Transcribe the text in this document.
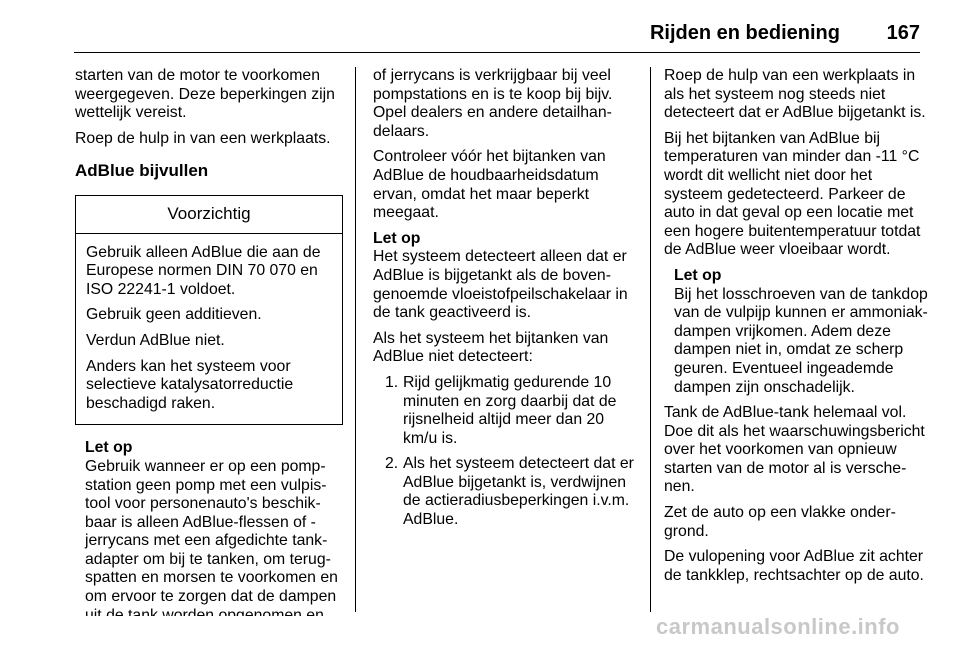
Rijden en bediening 167

starten van de motor te voorkomen weergegeven. Deze beperkingen zijn wettelijk vereist.

Roep de hulp in van een werkplaats.

AdBlue bijvullen

Voorzichtig

Gebruik alleen AdBlue die aan de Europese normen DIN 70 070 en ISO 22241-1 voldoet.

Gebruik geen additieven.

Verdun AdBlue niet.

Anders kan het systeem voor selectieve katalysatorreductie beschadigd raken.

Let op
Gebruik wanneer er op een pompstation geen pomp met een vulpistool voor personenauto's beschikbaar is alleen AdBlue-flessen of -jerrycans met een afgedichte tankadapter om bij te tanken, om terugspatten en morsen te voorkomen en om ervoor te zorgen dat de dampen

of jerrycans is verkrijgbaar bij veel pompstations en is te koop bij bijv. Opel dealers en andere detailhandelaars.

Controleer vóór het bijtanken van AdBlue de houdbaarheidsdatum ervan, omdat het maar beperkt meegaat.

Let op
Het systeem detecteert alleen dat er AdBlue is bijgetankt als de bovengenoemde vloeistofpeilschakelaar in de tank geactiveerd is.

Als het systeem het bijtanken van AdBlue niet detecteert:

1. Rijd gelijkmatig gedurende 10 minuten en zorg daarbij dat de rijsnelheid altijd meer dan 20 km/u is.
2. Als het systeem detecteert dat er AdBlue bijgetankt is, verdwijnen de actieradiusbeperkingen i.v.m. AdBlue.

Roep de hulp van een werkplaats in als het systeem nog steeds niet detecteert dat er AdBlue bijgetankt is.

Bij het bijtanken van AdBlue bij temperaturen van minder dan -11 °C wordt dit wellicht niet door het systeem gedetecteerd. Parkeer de auto in dat geval op een locatie met een hogere buitentemperatuur totdat de AdBlue weer vloeibaar wordt.

Let op
Bij het losschroeven van de tankdop van de vulpijp kunnen er ammoniakdampen vrijkomen. Adem deze dampen niet in, omdat ze scherp geuren. Eventueel ingeademde dampen zijn onschadelijk.

Tank de AdBlue-tank helemaal vol. Doe dit als het waarschuwingsbericht over het voorkomen van opnieuw starten van de motor al is verschenen.

Zet de auto op een vlakke ondergrond.

De vulopening voor AdBlue zit achter de tankklep, rechtsachter op de auto.

carmanualsonline.info
